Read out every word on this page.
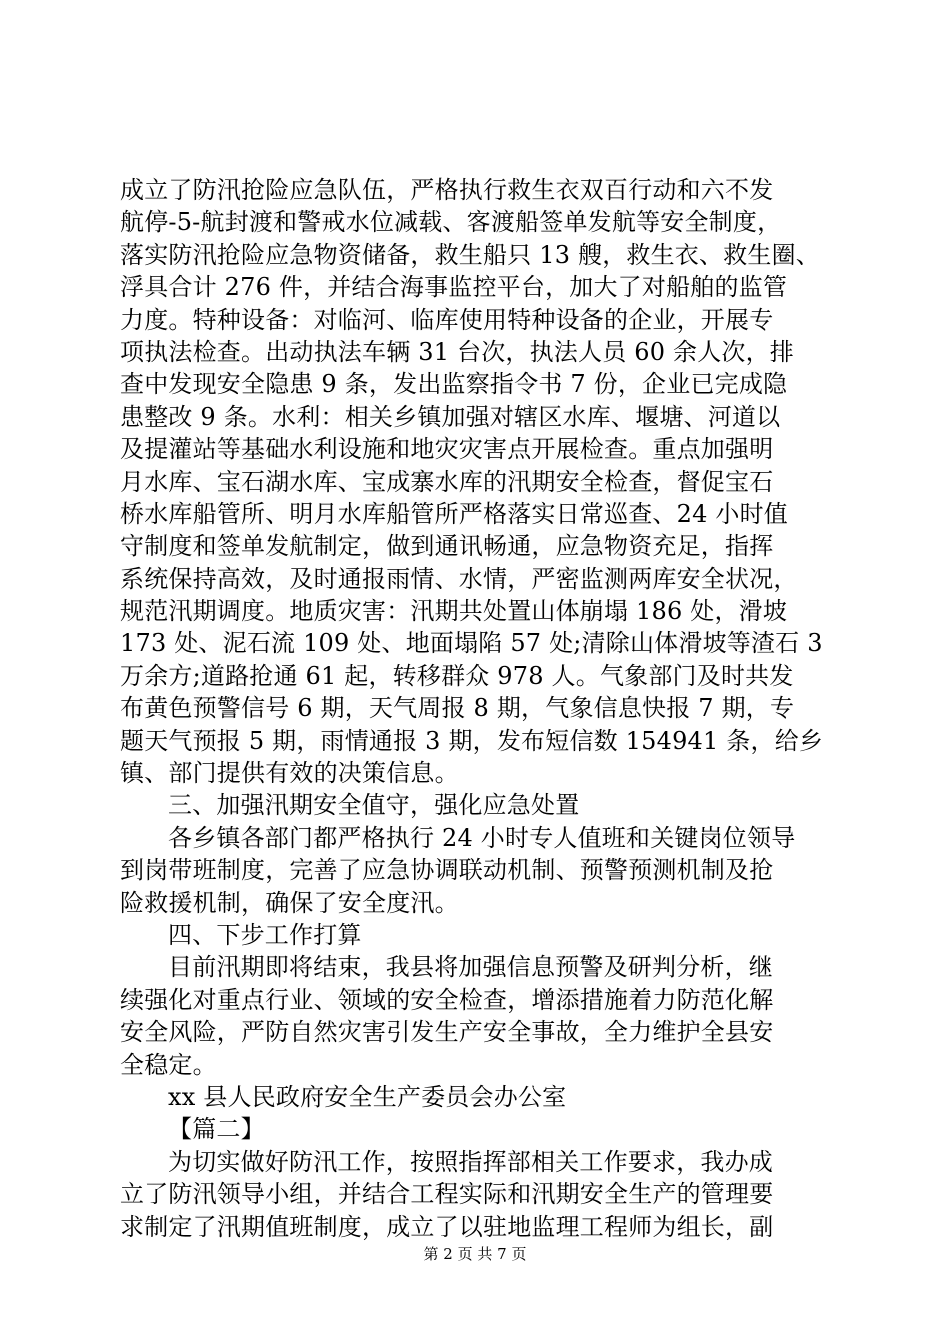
成立了防汛抢险应急队伍，严格执行救生衣双百行动和六不发
航停-5-航封渡和警戒水位减载、客渡船签单发航等安全制度，
落实防汛抢险应急物资储备，救生船只 13 艘，救生衣、救生圈、
浮具合计 276 件，并结合海事监控平台，加大了对船舶的监管
力度。特种设备：对临河、临库使用特种设备的企业，开展专
项执法检查。出动执法车辆 31 台次，执法人员 60 余人次，排
查中发现安全隐患 9 条，发出监察指令书 7 份，企业已完成隐
患整改 9 条。水利：相关乡镇加强对辖区水库、堰塘、河道以
及提灌站等基础水利设施和地灾灾害点开展检查。重点加强明
月水库、宝石湖水库、宝成寨水库的汛期安全检查，督促宝石
桥水库船管所、明月水库船管所严格落实日常巡查、24 小时值
守制度和签单发航制定，做到通讯畅通，应急物资充足，指挥
系统保持高效，及时通报雨情、水情，严密监测两库安全状况，
规范汛期调度。地质灾害：汛期共处置山体崩塌 186 处，滑坡
173 处、泥石流 109 处、地面塌陷 57 处;清除山体滑坡等渣石 3
万余方;道路抢通 61 起，转移群众 978 人。气象部门及时共发
布黄色预警信号 6 期，天气周报 8 期，气象信息快报 7 期，专
题天气预报 5 期，雨情通报 3 期，发布短信数 154941 条，给乡
镇、部门提供有效的决策信息。
三、加强汛期安全值守，强化应急处置
各乡镇各部门都严格执行 24 小时专人值班和关键岗位领导
到岗带班制度，完善了应急协调联动机制、预警预测机制及抢
险救援机制，确保了安全度汛。
四、下步工作打算
目前汛期即将结束，我县将加强信息预警及研判分析，继
续强化对重点行业、领域的安全检查，增添措施着力防范化解
安全风险，严防自然灾害引发生产安全事故，全力维护全县安
全稳定。
xx 县人民政府安全生产委员会办公室
【篇二】
为切实做好防汛工作，按照指挥部相关工作要求，我办成
立了防汛领导小组，并结合工程实际和汛期安全生产的管理要
求制定了汛期值班制度，成立了以驻地监理工程师为组长，副
第 2 页 共 7 页
